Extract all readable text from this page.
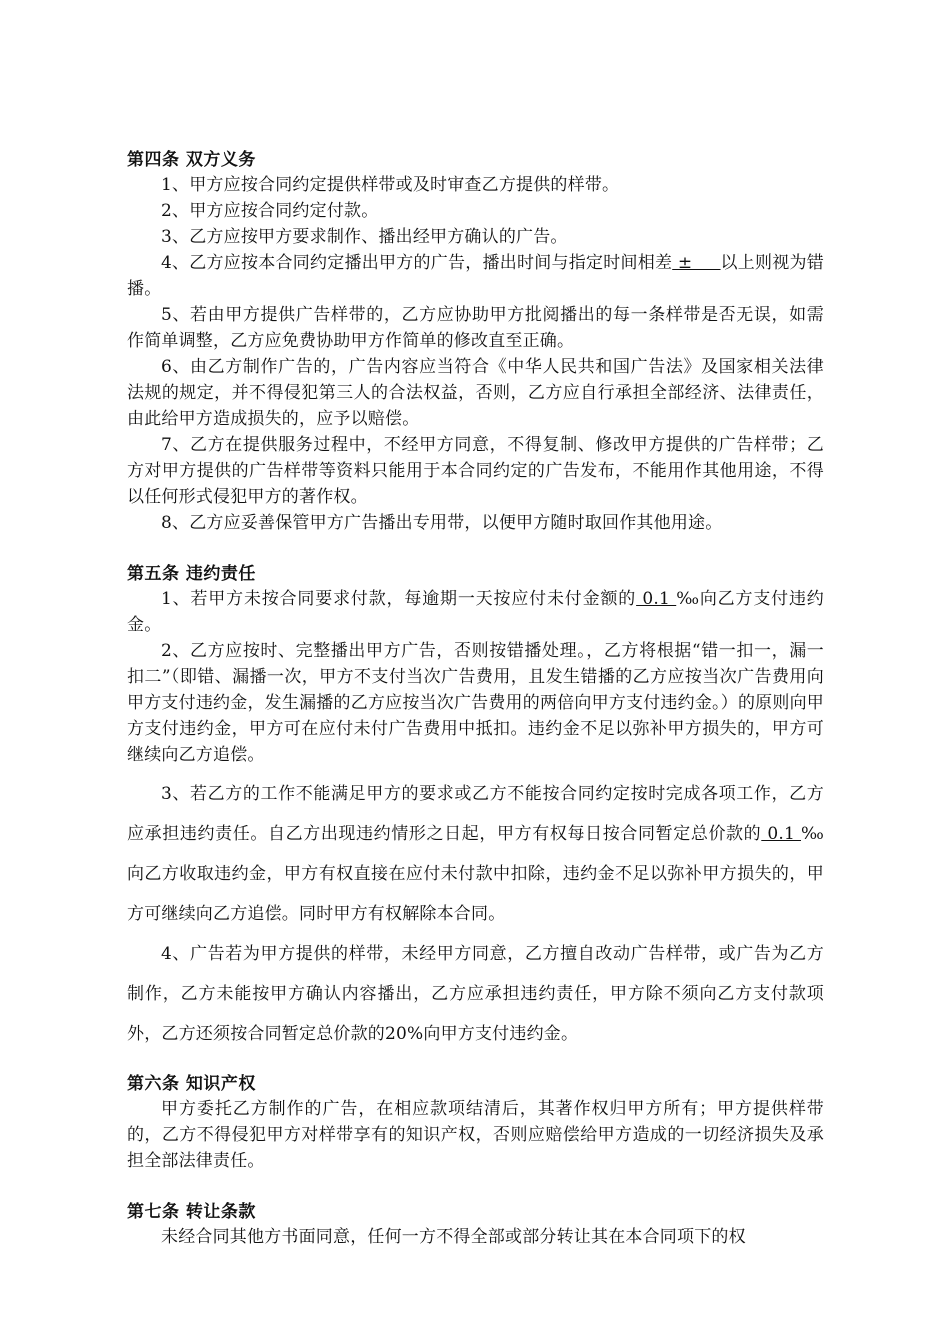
第四条 双方义务

1、甲方应按合同约定提供样带或及时审查乙方提供的样带。

2、甲方应按合同约定付款。

3、乙方应按甲方要求制作、播出经甲方确认的广告。

4、乙方应按本合同约定播出甲方的广告，播出时间与指定时间相差 ±     以上则视为错播。

5、若由甲方提供广告样带的，乙方应协助甲方批阅播出的每一条样带是否无误，如需作简单调整，乙方应免费协助甲方作简单的修改直至正确。

6、由乙方制作广告的，广告内容应当符合《中华人民共和国广告法》及国家相关法律法规的规定，并不得侵犯第三人的合法权益，否则，乙方应自行承担全部经济、法律责任，由此给甲方造成损失的，应予以赔偿。

7、乙方在提供服务过程中，不经甲方同意，不得复制、修改甲方提供的广告样带；乙方对甲方提供的广告样带等资料只能用于本合同约定的广告发布，不能用作其他用途，不得以任何形式侵犯甲方的著作权。

8、乙方应妥善保管甲方广告播出专用带，以便甲方随时取回作其他用途。

第五条 违约责任

1、若甲方未按合同要求付款，每逾期一天按应付未付金额的 0.1 ‰向乙方支付违约金。

2、乙方应按时、完整播出甲方广告，否则按错播处理。，乙方将根据“错一扣一，漏一扣二”（即错、漏播一次，甲方不支付当次广告费用，且发生错播的乙方应按当次广告费用向甲方支付违约金，发生漏播的乙方应按当次广告费用的两倍向甲方支付违约金。）的原则向甲方支付违约金，甲方可在应付未付广告费用中抵扣。违约金不足以弥补甲方损失的，甲方可继续向乙方追偿。

3、若乙方的工作不能满足甲方的要求或乙方不能按合同约定按时完成各项工作，乙方应承担违约责任。自乙方出现违约情形之日起，甲方有权每日按合同暂定总价款的 0.1 ‰向乙方收取违约金，甲方有权直接在应付未付款中扣除，违约金不足以弥补甲方损失的，甲方可继续向乙方追偿。同时甲方有权解除本合同。

4、广告若为甲方提供的样带，未经甲方同意，乙方擅自改动广告样带，或广告为乙方制作，乙方未能按甲方确认内容播出，乙方应承担违约责任，甲方除不须向乙方支付款项外，乙方还须按合同暂定总价款的20%向甲方支付违约金。

第六条 知识产权

甲方委托乙方制作的广告，在相应款项结清后，其著作权归甲方所有；甲方提供样带的，乙方不得侵犯甲方对样带享有的知识产权，否则应赔偿给甲方造成的一切经济损失及承担全部法律责任。

第七条 转让条款

未经合同其他方书面同意，任何一方不得全部或部分转让其在本合同项下的权
